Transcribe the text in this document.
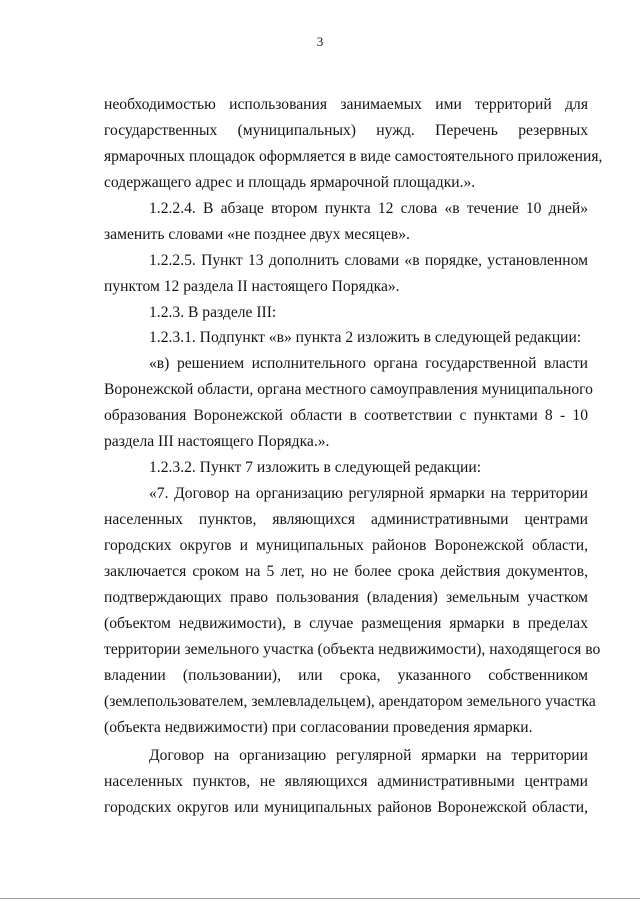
3
необходимостью использования занимаемых ими территорий для
государственных (муниципальных) нужд. Перечень резервных
ярмарочных площадок оформляется в виде самостоятельного приложения,
содержащего адрес и площадь ярмарочной площадки.».
1.2.2.4. В абзаце втором пункта 12 слова «в течение 10 дней»
заменить словами «не позднее двух месяцев».
1.2.2.5. Пункт 13 дополнить словами «в порядке, установленном
пунктом 12 раздела II настоящего Порядка».
1.2.3. В разделе III:
1.2.3.1. Подпункт «в» пункта 2 изложить в следующей редакции:
«в) решением исполнительного органа государственной власти
Воронежской области, органа местного самоуправления муниципального
образования Воронежской области в соответствии с пунктами 8 - 10
раздела III настоящего Порядка.».
1.2.3.2. Пункт 7 изложить в следующей редакции:
«7. Договор на организацию регулярной ярмарки на территории
населенных пунктов, являющихся административными центрами
городских округов и муниципальных районов Воронежской области,
заключается сроком на 5 лет, но не более срока действия документов,
подтверждающих право пользования (владения) земельным участком
(объектом недвижимости), в случае размещения ярмарки в пределах
территории земельного участка (объекта недвижимости), находящегося во
владении (пользовании), или срока, указанного собственником
(землепользователем, землевладельцем), арендатором земельного участка
(объекта недвижимости) при согласовании проведения ярмарки.
Договор на организацию регулярной ярмарки на территории
населенных пунктов, не являющихся административными центрами
городских округов или муниципальных районов Воронежской области,
